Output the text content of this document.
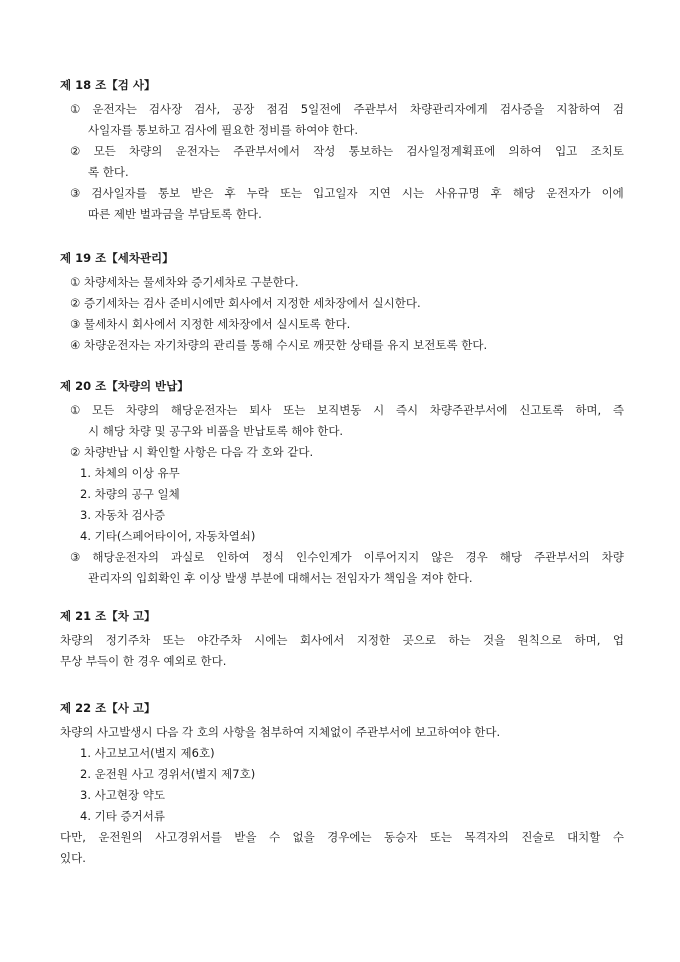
제 18 조【검 사】
① 운전자는 검사장 검사, 공장 점검 5일전에 주관부서 차량관리자에게 검사증을 지참하여 검
사일자를 통보하고 검사에 필요한 정비를 하여야 한다.
② 모든 차량의 운전자는 주관부서에서 작성 통보하는 검사일정계획표에 의하여 입고 조치토
록 한다.
③ 검사일자를 통보 받은 후 누락 또는 입고일자 지연 시는 사유규명 후 해당 운전자가 이에
따른 제반 벌과금을 부담토록 한다.
제 19 조【세차관리】
① 차량세차는 물세차와 증기세차로 구분한다.
② 증기세차는 검사 준비시에만 회사에서 지정한 세차장에서 실시한다.
③ 물세차시 회사에서 지정한 세차장에서 실시토록 한다.
④ 차량운전자는 자기차량의 관리를 통해 수시로 깨끗한 상태를 유지 보전토록 한다.
제 20 조【차량의 반납】
① 모든 차량의 해당운전자는 퇴사 또는 보직변동 시 즉시 차량주관부서에 신고토록 하며, 즉
시 해당 차량 및 공구와 비품을 반납토록 해야 한다.
② 차량반납 시 확인할 사항은 다음 각 호와 같다.
1. 차체의 이상 유무
2. 차량의 공구 일체
3. 자동차 검사증
4. 기타(스페어타이어, 자동차열쇠)
③ 해당운전자의 과실로 인하여 정식 인수인계가 이루어지지 않은 경우 해당 주관부서의 차량
관리자의 입회확인 후 이상 발생 부분에 대해서는 전임자가 책임을 져야 한다.
제 21 조【차 고】
차량의 정기주차 또는 야간주차 시에는 회사에서 지정한 곳으로 하는 것을 원칙으로 하며, 업
무상 부득이 한 경우 예외로 한다.
제 22 조【사 고】
차량의 사고발생시 다음 각 호의 사항을 첨부하여 지체없이 주관부서에 보고하여야 한다.
1. 사고보고서(별지 제6호)
2. 운전원 사고 경위서(별지 제7호)
3. 사고현장 약도
4. 기타 증거서류
다만, 운전원의 사고경위서를 받을 수 없을 경우에는 동승자 또는 목격자의 진술로 대치할 수
있다.
